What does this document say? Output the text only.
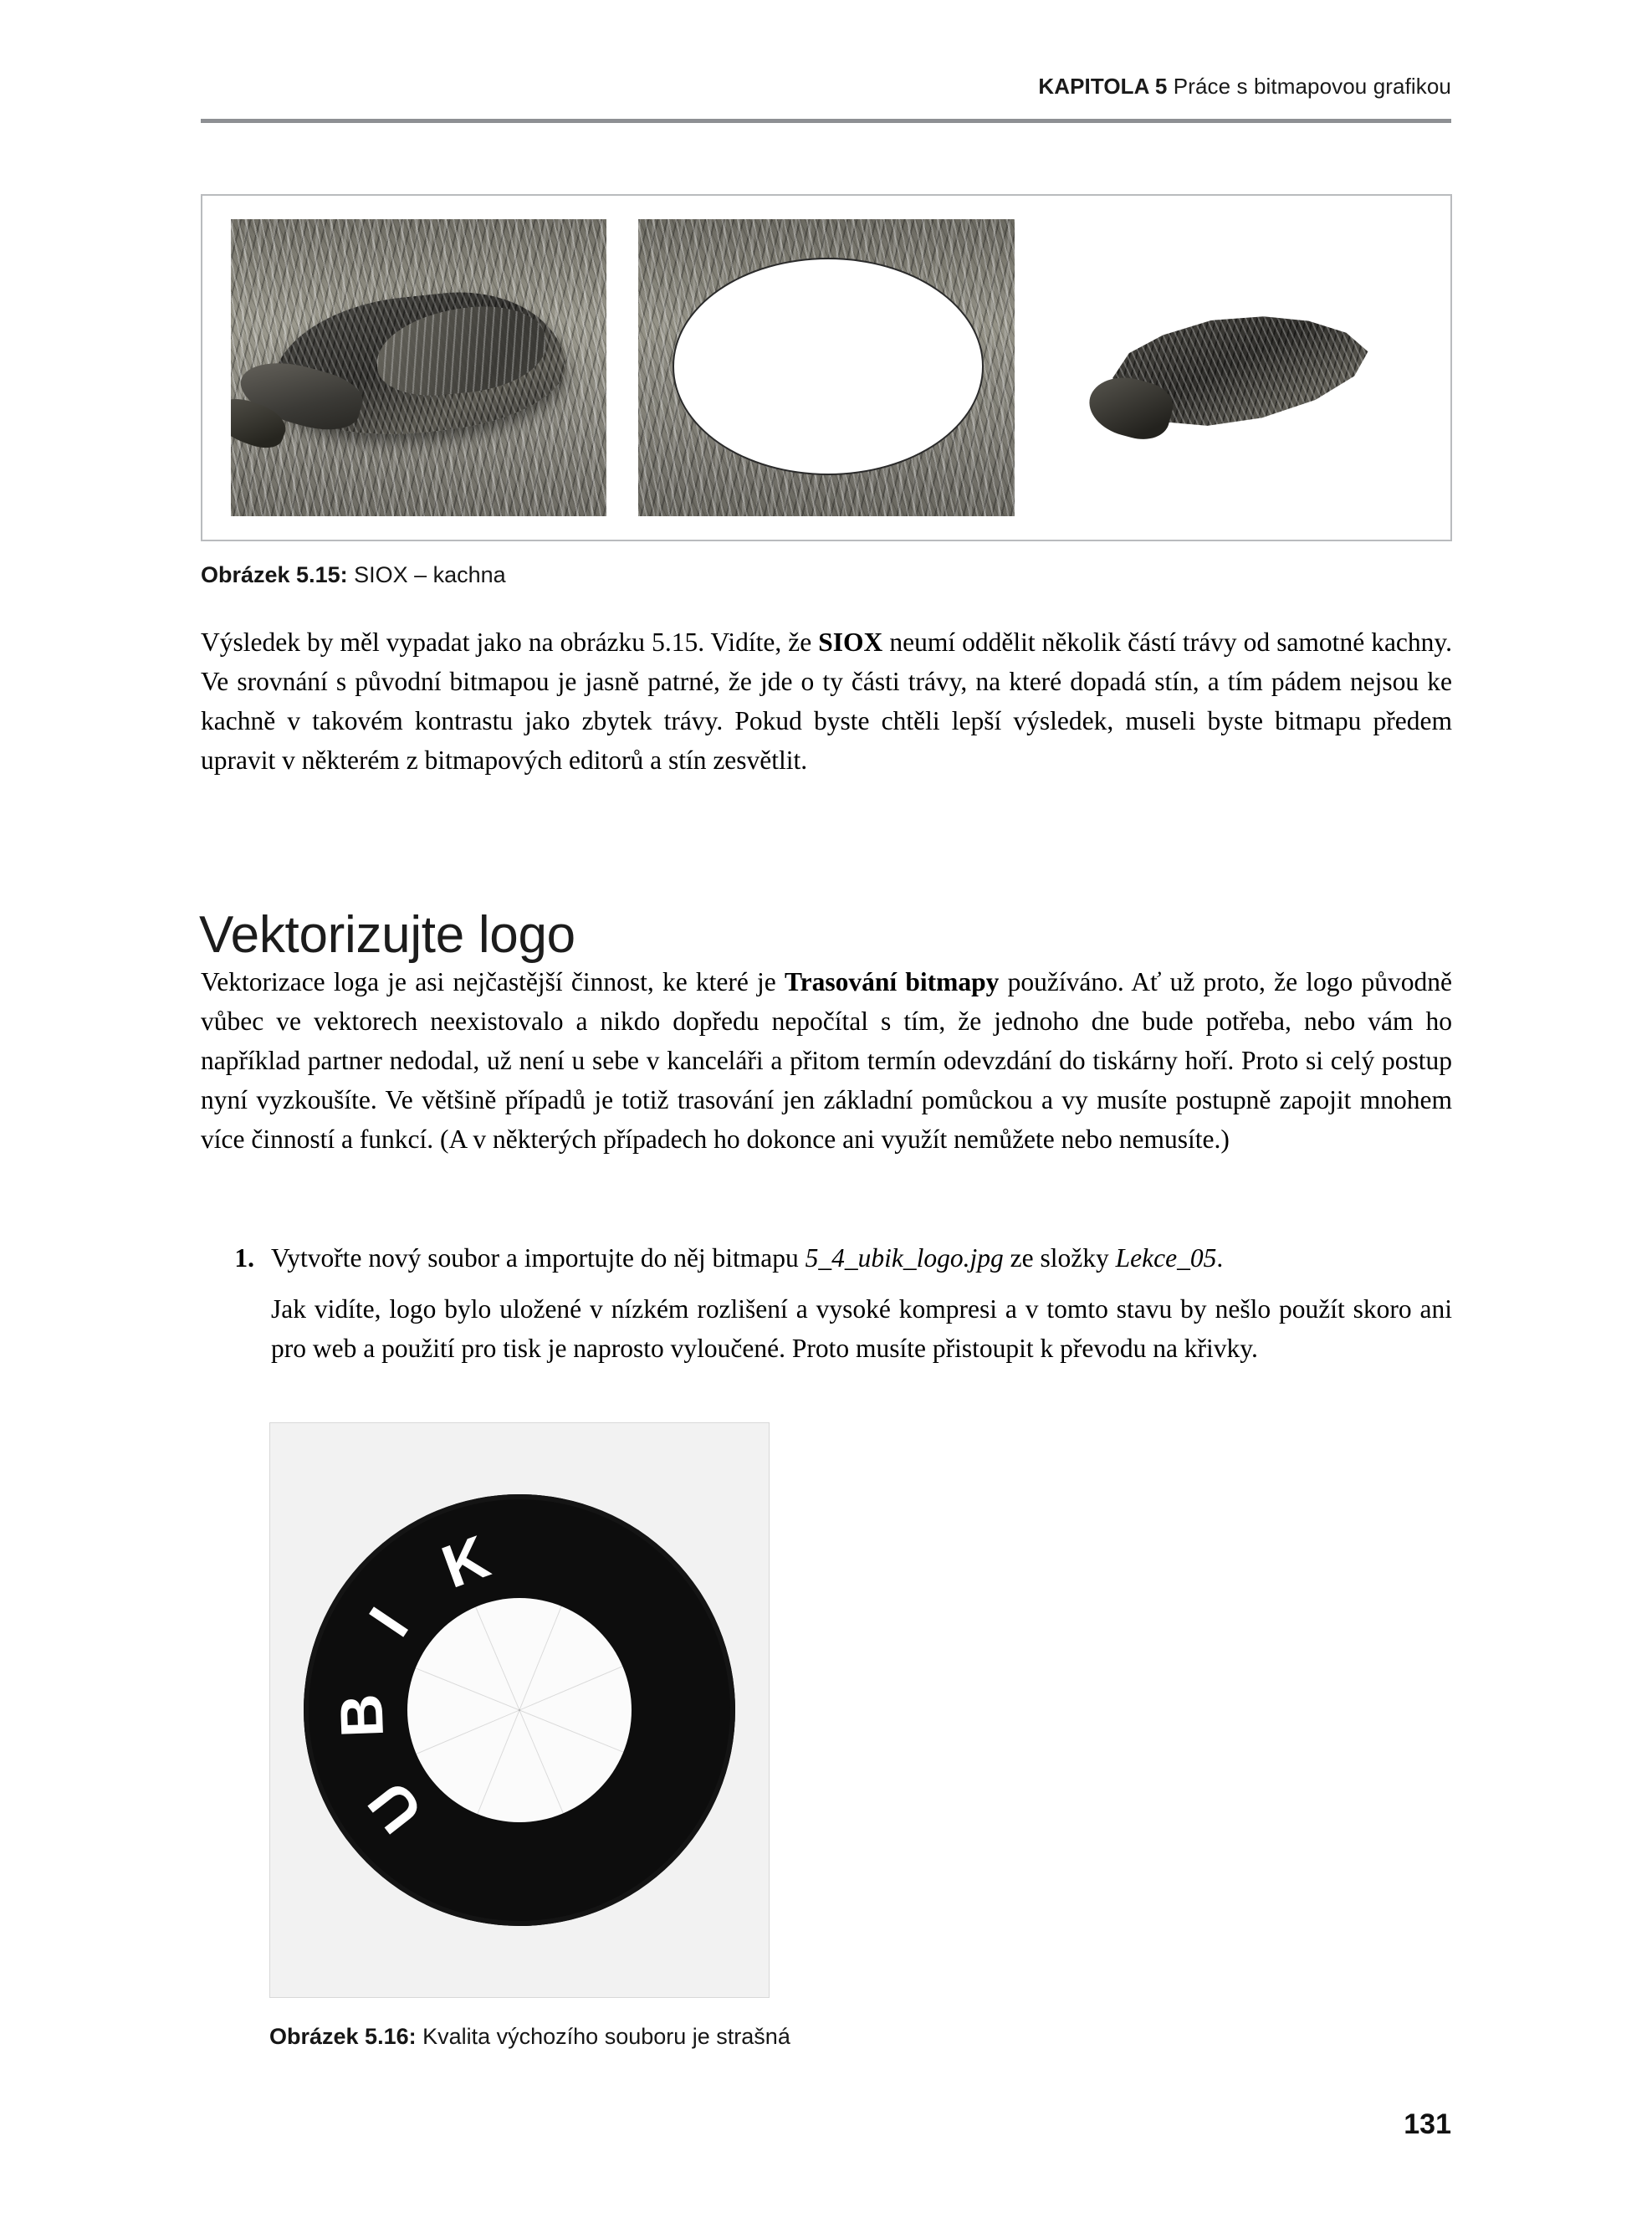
KAPITOLA 5 Práce s bitmapovou grafikou
Obrázek 5.15: SIOX – kachna
Výsledek by měl vypadat jako na obrázku 5.15. Vidíte, že SIOX neumí oddělit několik částí trávy od samotné kachny. Ve srovnání s původní bitmapou je jasně patrné, že jde o ty části trávy, na které dopadá stín, a tím pádem nejsou ke kachně v takovém kontrastu jako zbytek trávy. Pokud byste chtěli lepší výsledek, museli byste bitmapu předem upravit v některém z bitmapových editorů a stín zesvětlit.
Vektorizujte logo
Vektorizace loga je asi nejčastější činnost, ke které je Trasování bitmapy používáno. Ať už proto, že logo původně vůbec ve vektorech neexistovalo a nikdo dopředu nepočítal s tím, že jednoho dne bude potřeba, nebo vám ho například partner nedodal, už není u sebe v kanceláři a přitom termín odevzdání do tiskárny hoří. Proto si celý postup nyní vyzkoušíte. Ve většině případů je totiž trasování jen základní pomůckou a vy musíte postupně zapojit mnohem více činností a funkcí. (A v některých případech ho dokonce ani využít nemůžete nebo nemusíte.)
1. Vytvořte nový soubor a importujte do něj bitmapu 5_4_ubik_logo.jpg ze složky Lekce_05.
Jak vidíte, logo bylo uložené v nízkém rozlišení a vysoké kompresi a v tomto stavu by nešlo použít skoro ani pro web a použití pro tisk je naprosto vyloučené. Proto musíte přistoupit k převodu na křivky.
U
B
I
K
Obrázek 5.16: Kvalita výchozího souboru je strašná
131
